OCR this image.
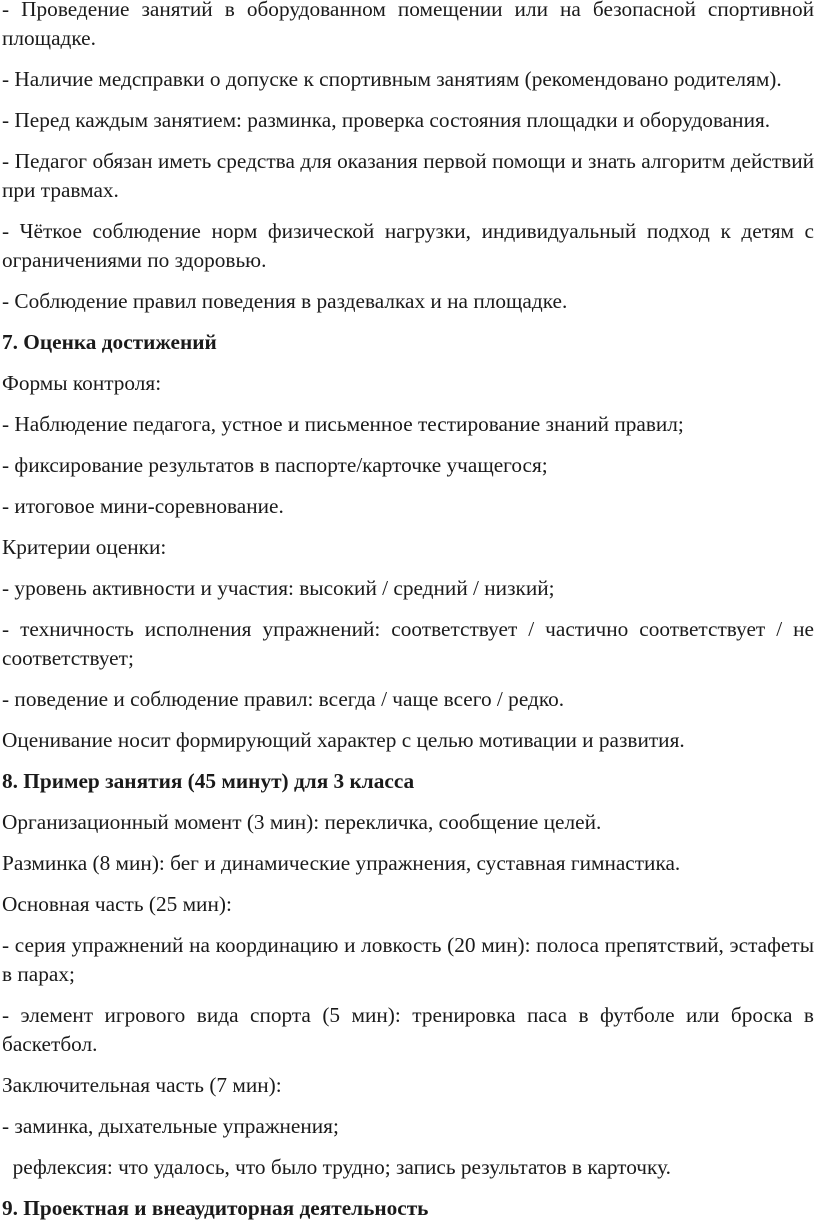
- Проведение занятий в оборудованном помещении или на безопасной спортивной площадке.

- Наличие медсправки о допуске к спортивным занятиям (рекомендовано родителям).

- Перед каждым занятием: разминка, проверка состояния площадки и оборудования.

- Педагог обязан иметь средства для оказания первой помощи и знать алгоритм действий при травмах.

- Чёткое соблюдение норм физической нагрузки, индивидуальный подход к детям с ограничениями по здоровью.

- Соблюдение правил поведения в раздевалках и на площадке.

7. Оценка достижений

Формы контроля:

- Наблюдение педагога, устное и письменное тестирование знаний правил;

- фиксирование результатов в паспорте/карточке учащегося;

- итоговое мини-соревнование.

Критерии оценки:

- уровень активности и участия: высокий / средний / низкий;

- техничность исполнения упражнений: соответствует / частично соответствует / не соответствует;

- поведение и соблюдение правил: всегда / чаще всего / редко.

Оценивание носит формирующий характер с целью мотивации и развития.

8. Пример занятия (45 минут) для 3 класса

Организационный момент (3 мин): перекличка, сообщение целей.

Разминка (8 мин): бег и динамические упражнения, суставная гимнастика.

Основная часть (25 мин):

- серия упражнений на координацию и ловкость (20 мин): полоса препятствий, эстафеты в парах;

- элемент игрового вида спорта (5 мин): тренировка паса в футболе или броска в баскетбол.

Заключительная часть (7 мин):

- заминка, дыхательные упражнения;

рефлексия: что удалось, что было трудно; запись результатов в карточку.

9. Проектная и внеаудиторная деятельность
